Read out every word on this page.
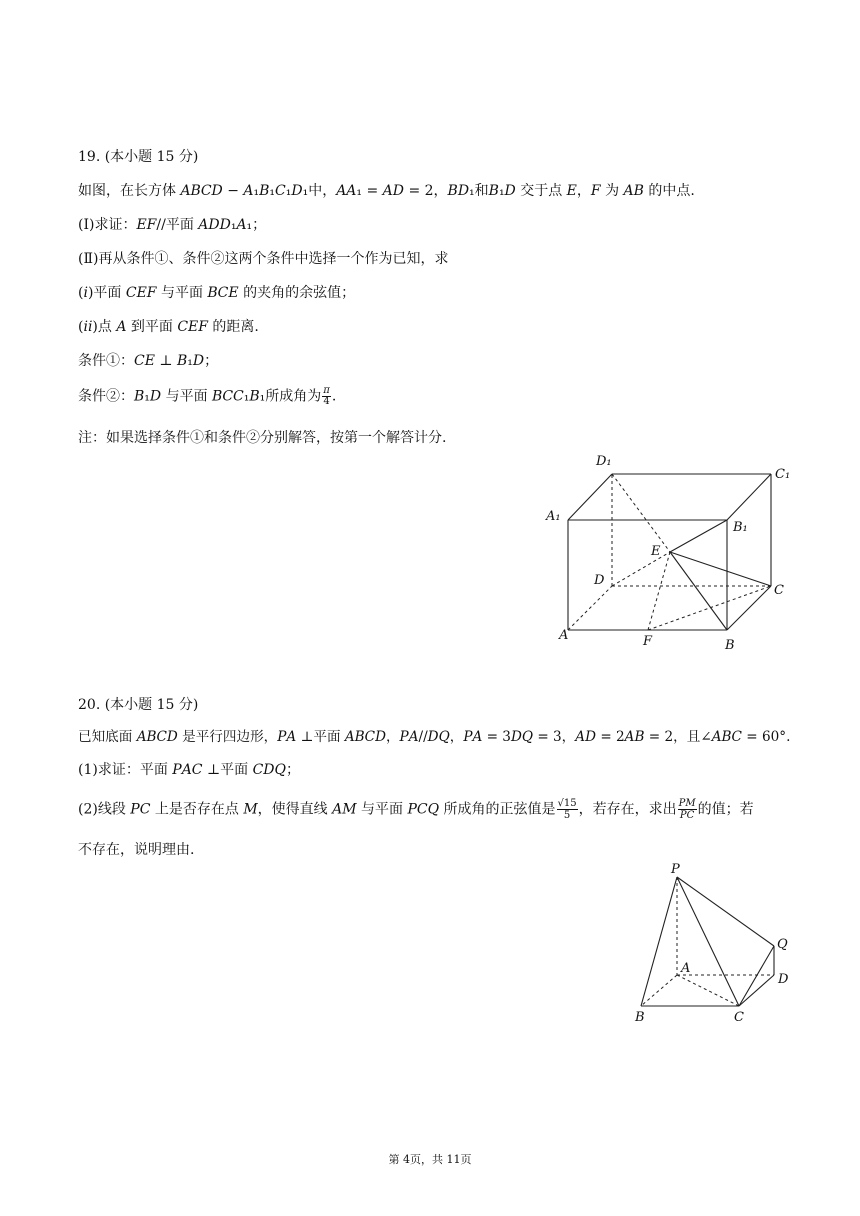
19. (本小题 15 分)
如图，在长方体 𝐴𝐵𝐶𝐷 − 𝐴₁𝐵₁𝐶₁𝐷₁中，𝐴𝐴₁ = 𝐴𝐷 = 2，𝐵𝐷₁和𝐵₁𝐷 交于点 𝐸，𝐹 为 𝐴𝐵 的中点.
(Ⅰ)求证：𝐸𝐹//平面 𝐴𝐷𝐷₁𝐴₁；
(Ⅱ)再从条件①、条件②这两个条件中选择一个作为已知，求
(𝑖)平面 𝐶𝐸𝐹 与平面 𝐵𝐶𝐸 的夹角的余弦值；
(𝑖𝑖)点 𝐴 到平面 𝐶𝐸𝐹 的距离.
条件①：𝐶𝐸 ⊥ 𝐵₁𝐷；
条件②：𝐵₁𝐷 与平面 𝐵𝐶𝐶₁𝐵₁所成角为 $\frac{\pi}{4}$ .
注：如果选择条件①和条件②分别解答，按第一个解答计分.
D₁
C₁
A₁
B₁
E
D
C
A	F	B
20. (本小题 15 分)
已知底面 𝐴𝐵𝐶𝐷 是平行四边形，𝑃𝐴 ⊥平面 𝐴𝐵𝐶𝐷，𝑃𝐴//𝐷𝑄，𝑃𝐴 = 3𝐷𝑄 = 3，𝐴𝐷 = 2𝐴𝐵 = 2，且∠𝐴𝐵𝐶 = 60°.
(1)求证：平面 𝑃𝐴𝐶 ⊥平面 𝐶𝐷𝑄；
(2)线段 𝑃𝐶 上是否存在点 𝑀，使得直线 𝐴𝑀 与平面 𝑃𝐶𝑄 所成角的正弦值是 $\frac{√15}{5}$ ，若存在，求出 𝑃𝑀
𝑃𝐶 的值；若
不存在，说明理由.
P
Q
A
D
B	C
第 4页，共 11页
